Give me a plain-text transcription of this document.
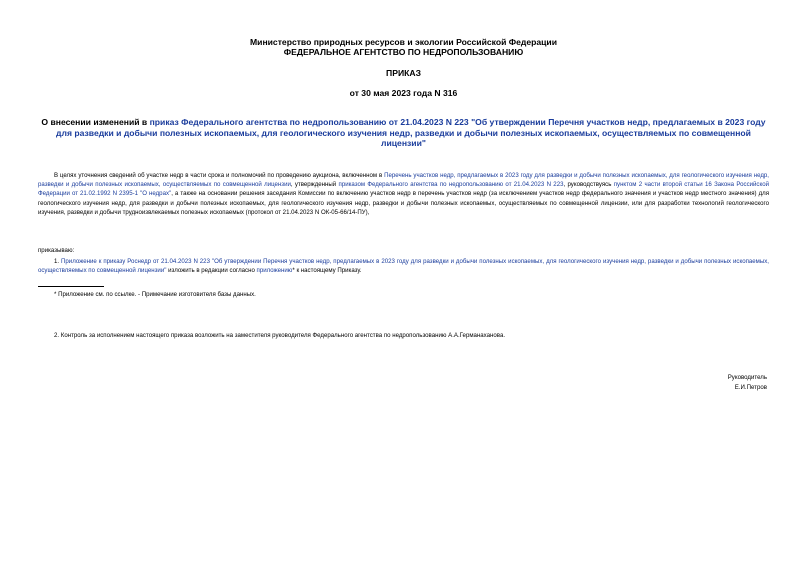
Министерство природных ресурсов и экологии Российской Федерации
ФЕДЕРАЛЬНОЕ АГЕНТСТВО ПО НЕДРОПОЛЬЗОВАНИЮ
ПРИКАЗ
от 30 мая 2023 года N 316
О внесении изменений в приказ Федерального агентства по недропользованию от 21.04.2023 N 223 "Об утверждении Перечня участков недр, предлагаемых в 2023 году для разведки и добычи полезных ископаемых, для геологического изучения недр, разведки и добычи полезных ископаемых, осуществляемых по совмещенной лицензии"
В целях уточнения сведений об участке недр в части срока и полномочий по проведению аукциона, включенном в Перечень участков недр, предлагаемых в 2023 году для разведки и добычи полезных ископаемых, для геологического изучения недр, разведки и добычи полезных ископаемых, осуществляемых по совмещенной лицензии, утвержденный приказом Федерального агентства по недропользованию от 21.04.2023 N 223, руководствуясь пунктом 2 части второй статьи 16 Закона Российской Федерации от 21.02.1992 N 2395-1 "О недрах", а также на основании решения заседания Комиссии по включению участков недр в перечень участков недр (за исключением участков недр федерального значения и участков недр местного значения) для геологического изучения недр, для разведки и добычи полезных ископаемых, для геологического изучения недр, разведки и добычи полезных ископаемых, осуществляемых по совмещенной лицензии, или для разработки технологий геологического изучения, разведки и добычи трудноизвлекаемых полезных ископаемых (протокол от 21.04.2023 N ОК-05-66/14-ПУ),
приказываю:
1. Приложение к приказу Роснедр от 21.04.2023 N 223 "Об утверждении Перечня участков недр, предлагаемых в 2023 году для разведки и добычи полезных ископаемых, для геологического изучения недр, разведки и добычи полезных ископаемых, осуществляемых по совмещенной лицензии" изложить в редакции согласно приложению* к настоящему Приказу.
* Приложение см. по ссылке. - Примечание изготовителя базы данных.
2. Контроль за исполнением настоящего приказа возложить на заместителя руководителя Федерального агентства по недропользованию А.А.Германаханова.
Руководитель
Е.И.Петров
